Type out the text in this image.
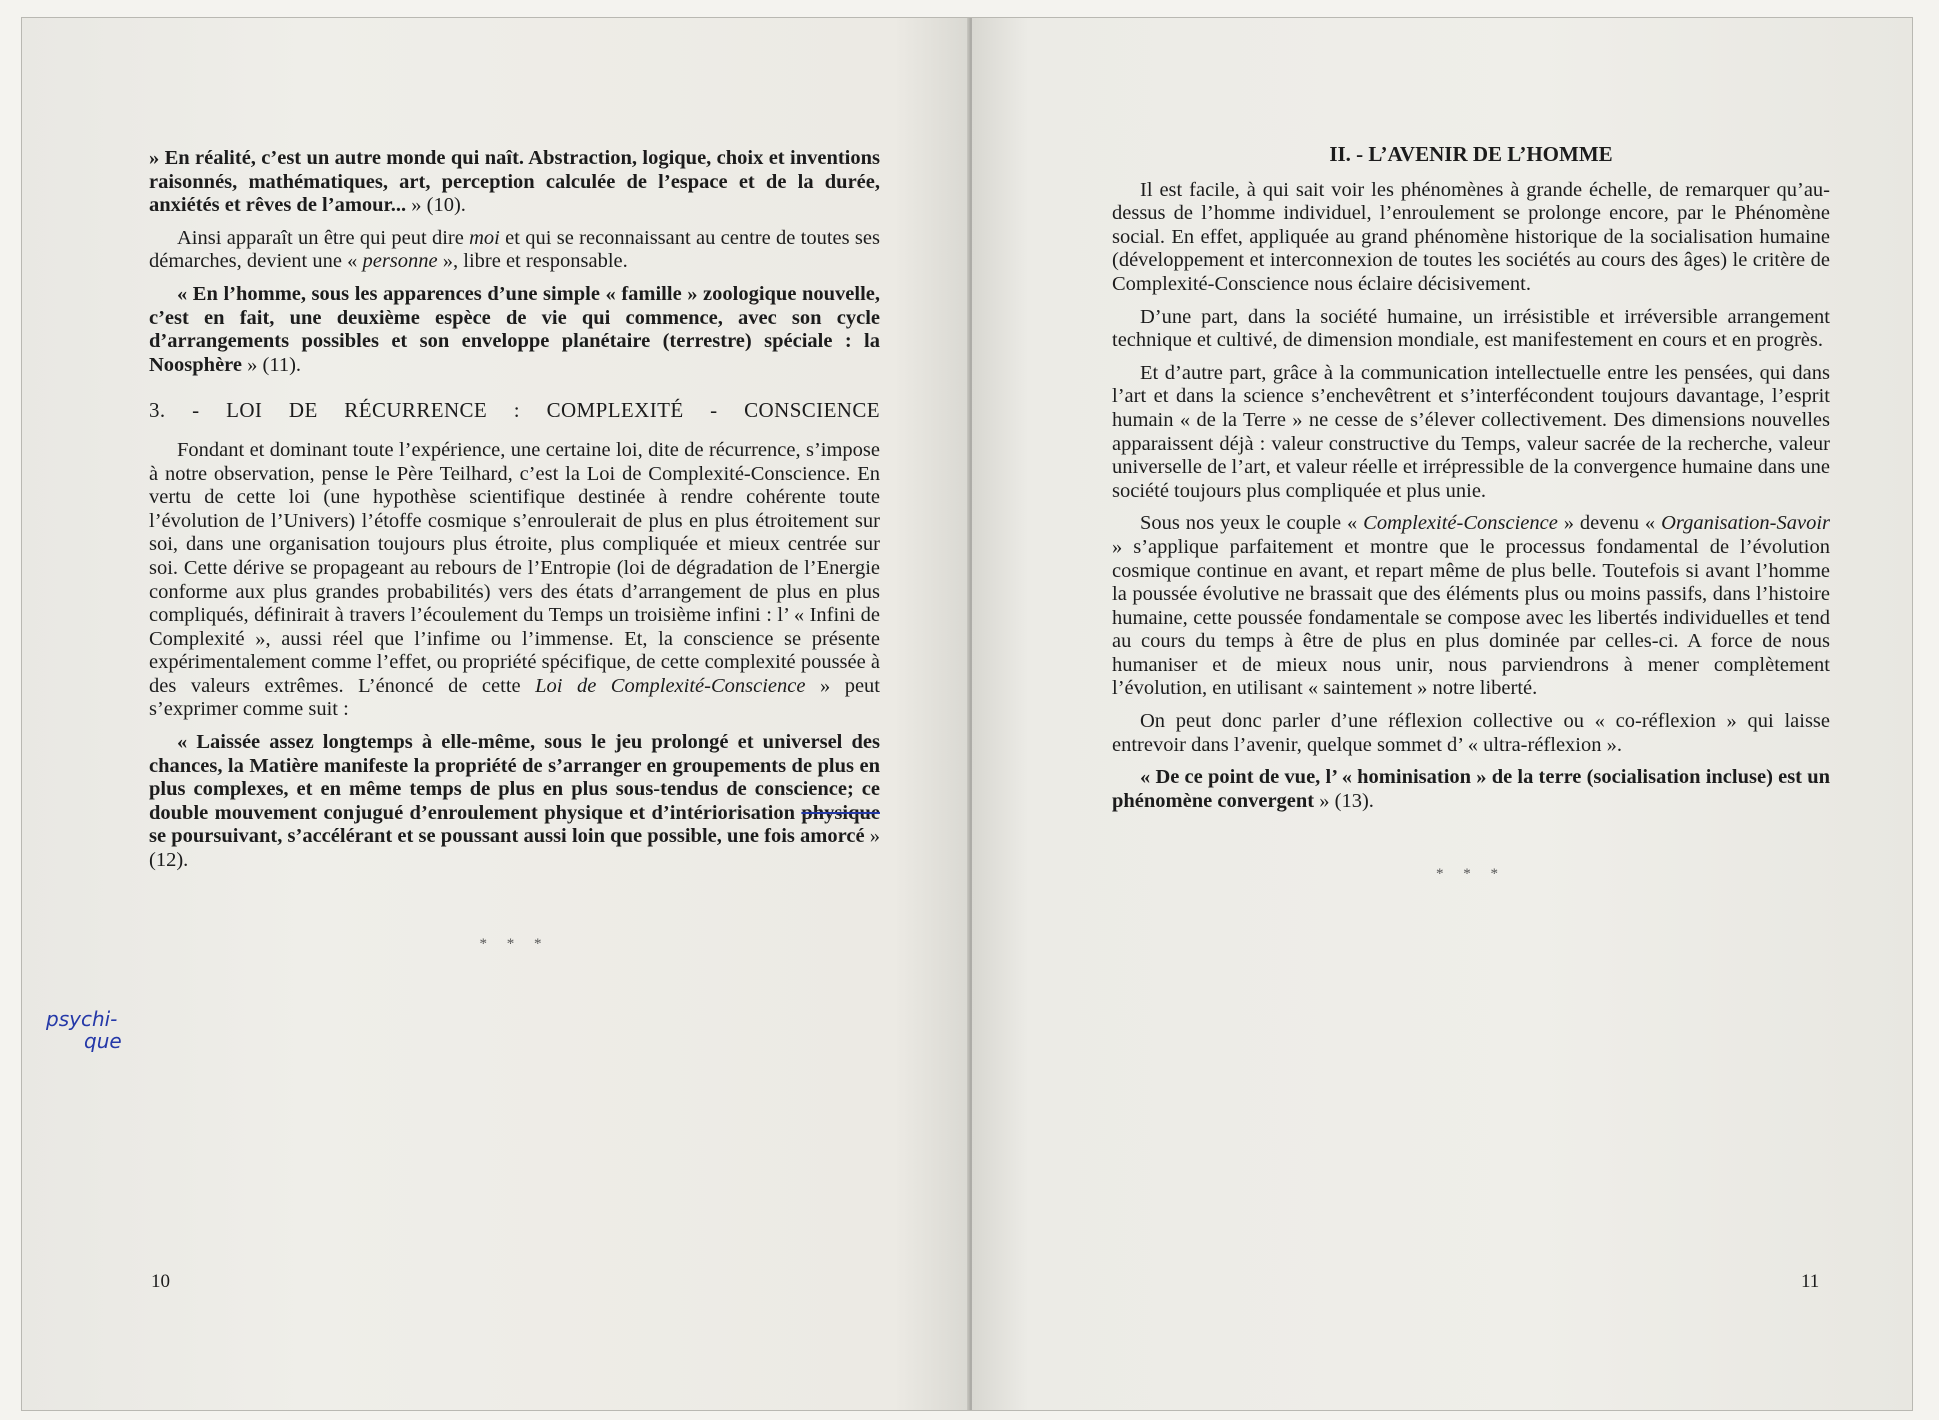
» En réalité, c’est un autre monde qui naît. Abstraction, logique, choix et inventions raisonnés, mathématiques, art, perception calculée de l’espace et de la durée, anxiétés et rêves de l’amour... » (10).

Ainsi apparaît un être qui peut dire moi et qui se reconnaissant au centre de toutes ses démarches, devient une « personne », libre et responsable.

« En l’homme, sous les apparences d’une simple « famille » zoologique nouvelle, c’est en fait, une deuxième espèce de vie qui commence, avec son cycle d’arrangements possibles et son enveloppe planétaire (terrestre) spéciale : la Noosphère » (11).

3. - LOI DE RÉCURRENCE : COMPLEXITÉ - CONSCIENCE

Fondant et dominant toute l’expérience, une certaine loi, dite de récurrence, s’impose à notre observation, pense le Père Teilhard, c’est la Loi de Complexité-Conscience. En vertu de cette loi (une hypothèse scientifique destinée à rendre cohérente toute l’évolution de l’Univers) l’étoffe cosmique s’enroulerait de plus en plus étroitement sur soi, dans une organisation toujours plus étroite, plus compliquée et mieux centrée sur soi. Cette dérive se propageant au rebours de l’Entropie (loi de dégradation de l’Energie conforme aux plus grandes probabilités) vers des états d’arrangement de plus en plus compliqués, définirait à travers l’écoulement du Temps un troisième infini : l’ « Infini de Complexité », aussi réel que l’infime ou l’immense. Et, la conscience se présente expérimentalement comme l’effet, ou propriété spécifique, de cette complexité poussée à des valeurs extrêmes. L’énoncé de cette Loi de Complexité-Conscience » peut s’exprimer comme suit :

« Laissée assez longtemps à elle-même, sous le jeu prolongé et universel des chances, la Matière manifeste la propriété de s’arranger en groupements de plus en plus complexes, et en même temps de plus en plus sous-tendus de conscience; ce double mouvement conjugué d’enroulement physique et d’intériorisation physique se poursuivant, s’accélérant et se poussant aussi loin que possible, une fois amorcé » (12).

* * *

psychi-
que
10

II. - L’AVENIR DE L’HOMME

Il est facile, à qui sait voir les phénomènes à grande échelle, de remarquer qu’au-dessus de l’homme individuel, l’enroulement se prolonge encore, par le Phénomène social. En effet, appliquée au grand phénomène historique de la socialisation humaine (développement et interconnexion de toutes les sociétés au cours des âges) le critère de Complexité-Conscience nous éclaire décisivement.

D’une part, dans la société humaine, un irrésistible et irréversible arrangement technique et cultivé, de dimension mondiale, est manifestement en cours et en progrès.

Et d’autre part, grâce à la communication intellectuelle entre les pensées, qui dans l’art et dans la science s’enchevêtrent et s’interfécondent toujours davantage, l’esprit humain « de la Terre » ne cesse de s’élever collectivement. Des dimensions nouvelles apparaissent déjà : valeur constructive du Temps, valeur sacrée de la recherche, valeur universelle de l’art, et valeur réelle et irrépressible de la convergence humaine dans une société toujours plus compliquée et plus unie.

Sous nos yeux le couple « Complexité-Conscience » devenu « Organisation-Savoir » s’applique parfaitement et montre que le processus fondamental de l’évolution cosmique continue en avant, et repart même de plus belle. Toutefois si avant l’homme la poussée évolutive ne brassait que des éléments plus ou moins passifs, dans l’histoire humaine, cette poussée fondamentale se compose avec les libertés individuelles et tend au cours du temps à être de plus en plus dominée par celles-ci. A force de nous humaniser et de mieux nous unir, nous parviendrons à mener complètement l’évolution, en utilisant « saintement » notre liberté.

On peut donc parler d’une réflexion collective ou « co-réflexion » qui laisse entrevoir dans l’avenir, quelque sommet d’ « ultra-réflexion ».

« De ce point de vue, l’ « hominisation » de la terre (socialisation incluse) est un phénomène convergent » (13).

* * *

11
